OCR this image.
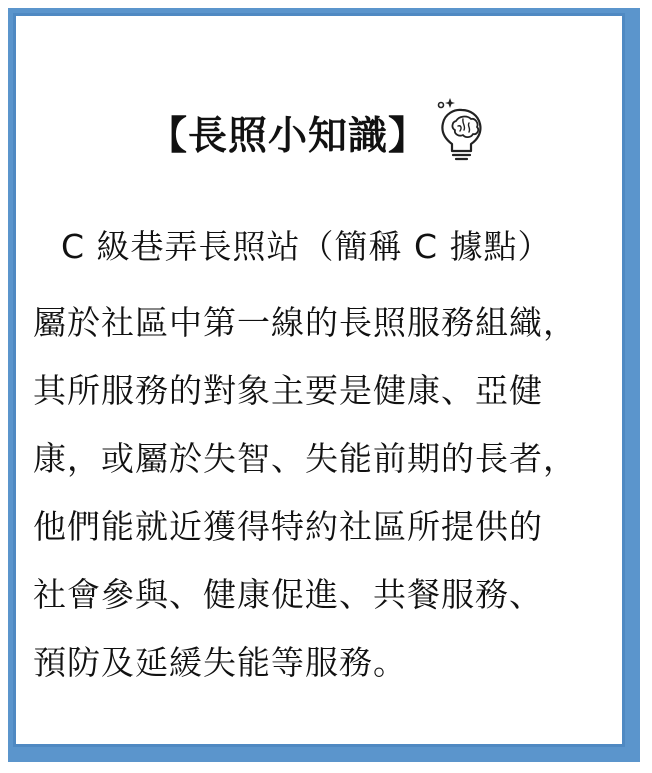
【長照小知識】
C 級巷弄長照站（簡稱 C 據點）
屬於社區中第一線的長照服務組織，
其所服務的對象主要是健康、亞健
康，或屬於失智、失能前期的長者，
他們能就近獲得特約社區所提供的
社會參與、健康促進、共餐服務、
預防及延緩失能等服務。
